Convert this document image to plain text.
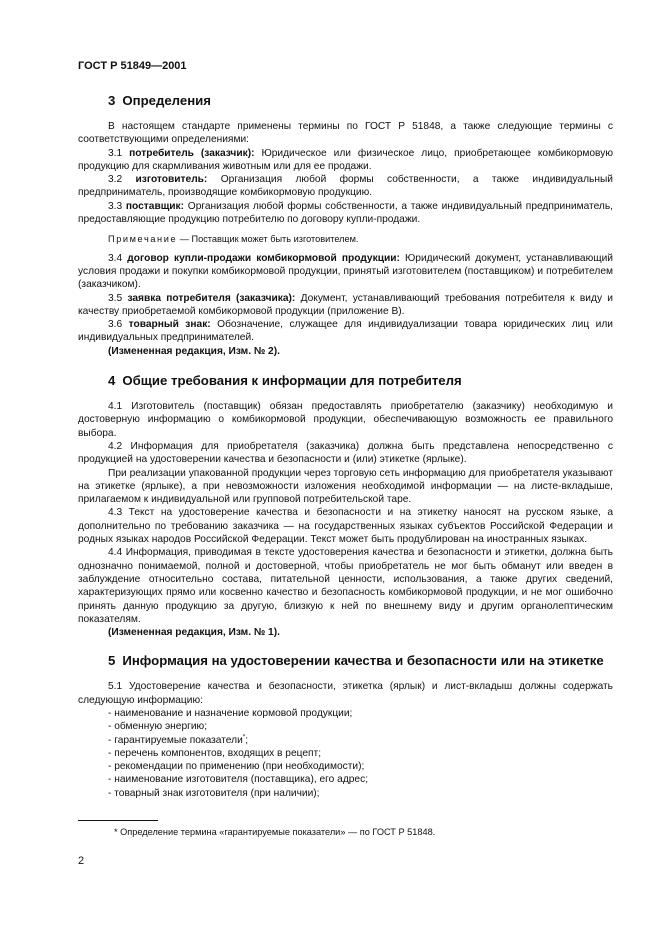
ГОСТ Р 51849—2001
3 Определения

В настоящем стандарте применены термины по ГОСТ Р 51848, а также следующие термины с соответствующими определениями:

3.1 потребитель (заказчик): Юридическое или физическое лицо, приобретающее комбикормовую продукцию для скармливания животным или для ее продажи.

3.2 изготовитель: Организация любой формы собственности, а также индивидуальный предприниматель, производящие комбикормовую продукцию.

3.3 поставщик: Организация любой формы собственности, а также индивидуальный предприниматель, предоставляющие продукцию потребителю по договору купли-продажи.

Примечание — Поставщик может быть изготовителем.

3.4 договор купли-продажи комбикормовой продукции: Юридический документ, устанавливающий условия продажи и покупки комбикормовой продукции, принятый изготовителем (поставщиком) и потребителем (заказчиком).

3.5 заявка потребителя (заказчика): Документ, устанавливающий требования потребителя к виду и качеству приобретаемой комбикормовой продукции (приложение В).

3.6 товарный знак: Обозначение, служащее для индивидуализации товара юридических лиц или индивидуальных предпринимателей.

(Измененная редакция, Изм. № 2).

4 Общие требования к информации для потребителя

4.1 Изготовитель (поставщик) обязан предоставлять приобретателю (заказчику) необходимую и достоверную информацию о комбикормовой продукции, обеспечивающую возможность ее правильного выбора.

4.2 Информация для приобретателя (заказчика) должна быть представлена непосредственно с продукцией на удостоверении качества и безопасности и (или) этикетке (ярлыке).

При реализации упакованной продукции через торговую сеть информацию для приобретателя указывают на этикетке (ярлыке), а при невозможности изложения необходимой информации — на листе-вкладыше, прилагаемом к индивидуальной или групповой потребительской таре.

4.3 Текст на удостоверение качества и безопасности и на этикетку наносят на русском языке, а дополнительно по требованию заказчика — на государственных языках субъектов Российской Федерации и родных языках народов Российской Федерации. Текст может быть продублирован на иностранных языках.

4.4 Информация, приводимая в тексте удостоверения качества и безопасности и этикетки, должна быть однозначно понимаемой, полной и достоверной, чтобы приобретатель не мог быть обманут или введен в заблуждение относительно состава, питательной ценности, использования, а также других сведений, характеризующих прямо или косвенно качество и безопасность комбикормовой продукции, и не мог ошибочно принять данную продукцию за другую, близкую к ней по внешнему виду и другим органолептическим показателям.

(Измененная редакция, Изм. № 1).

5 Информация на удостоверении качества и безопасности или на этикетке

5.1 Удостоверение качества и безопасности, этикетка (ярлык) и лист-вкладыш должны содержать следующую информацию:

- наименование и назначение кормовой продукции;

- обменную энергию;

- гарантируемые показатели*;

- перечень компонентов, входящих в рецепт;

- рекомендации по применению (при необходимости);

- наименование изготовителя (поставщика), его адрес;

- товарный знак изготовителя (при наличии);

* Определение термина «гарантируемые показатели» — по ГОСТ Р 51848.
2
